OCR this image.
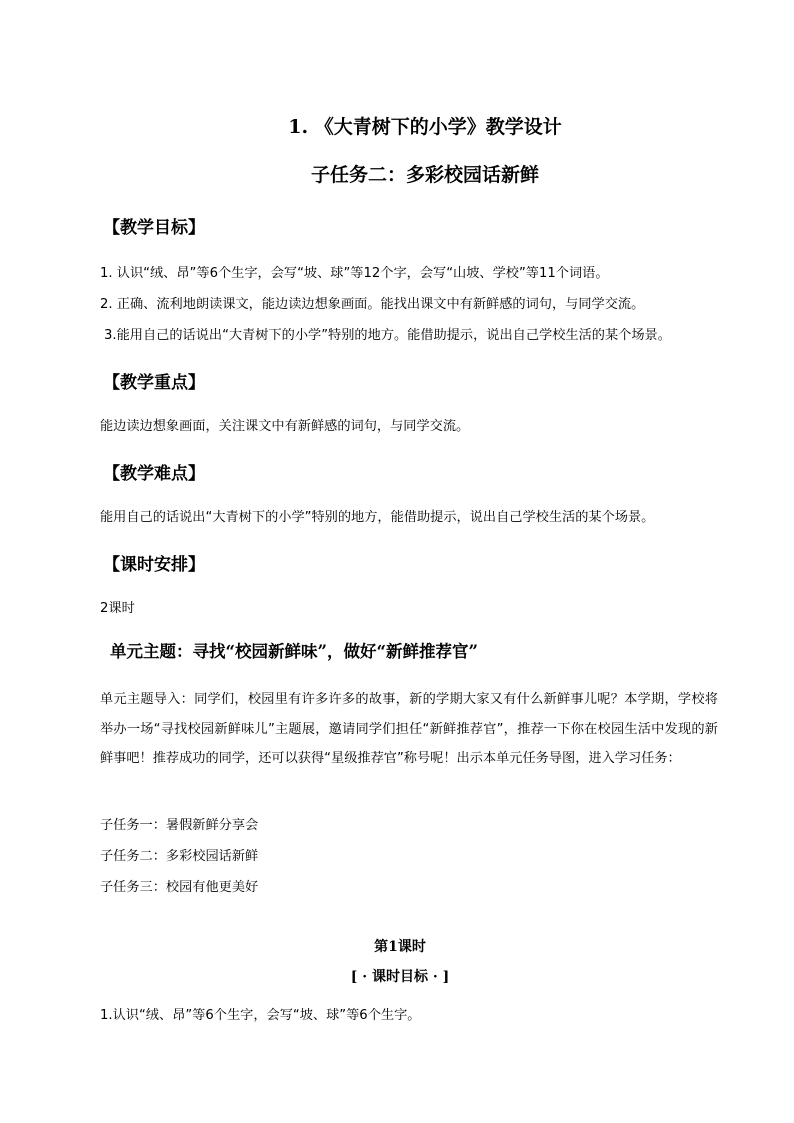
1. 《大青树下的小学》教学设计
子任务二：多彩校园话新鲜
【教学目标】
1. 认识“绒、昂”等6个生字，会写“坡、球”等12个字，会写“山坡、学校”等11个词语。
2. 正确、流利地朗读课文，能边读边想象画面。能找出课文中有新鲜感的词句，与同学交流。
3.能用自己的话说出“大青树下的小学”特别的地方。能借助提示，说出自己学校生活的某个场景。
【教学重点】
能边读边想象画面，关注课文中有新鲜感的词句，与同学交流。
【教学难点】
能用自己的话说出“大青树下的小学”特别的地方，能借助提示，说出自己学校生活的某个场景。
【课时安排】
2课时
单元主题：寻找“校园新鲜味”，做好“新鲜推荐官”
单元主题导入：同学们，校园里有许多许多的故事，新的学期大家又有什么新鲜事儿呢？本学期，学校将举办一场“寻找校园新鲜味儿”主题展，邀请同学们担任“新鲜推荐官”，推荐一下你在校园生活中发现的新鲜事吧！推荐成功的同学，还可以获得“星级推荐官”称号呢！出示本单元任务导图，进入学习任务：
子任务一：暑假新鲜分享会
子任务二：多彩校园话新鲜
子任务三：校园有他更美好
第1课时
[ · 课时目标 · ]
1.认识“绒、昂”等6个生字，会写“坡、球”等6个生字。
